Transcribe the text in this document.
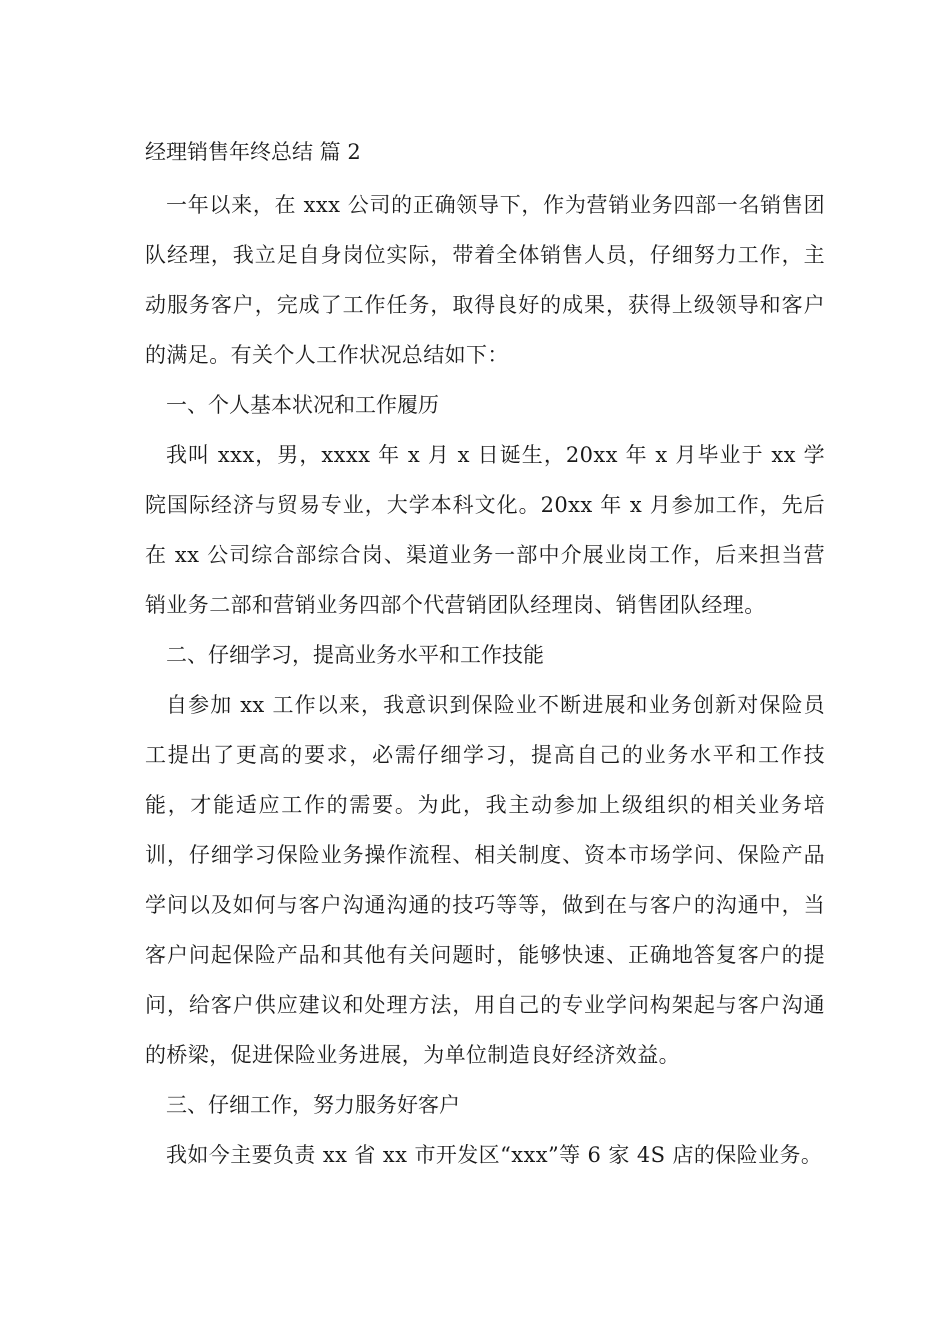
经理销售年终总结 篇 2

一年以来，在 xxx 公司的正确领导下，作为营销业务四部一名销售团队经理，我立足自身岗位实际，带着全体销售人员，仔细努力工作，主动服务客户，完成了工作任务，取得良好的成果，获得上级领导和客户的满足。有关个人工作状况总结如下：

一、个人基本状况和工作履历

我叫 xxx，男，xxxx 年 x 月 x 日诞生，20xx 年 x 月毕业于 xx 学院国际经济与贸易专业，大学本科文化。20xx 年 x 月参加工作，先后在 xx 公司综合部综合岗、渠道业务一部中介展业岗工作，后来担当营销业务二部和营销业务四部个代营销团队经理岗、销售团队经理。

二、仔细学习，提高业务水平和工作技能

自参加 xx 工作以来，我意识到保险业不断进展和业务创新对保险员工提出了更高的要求，必需仔细学习，提高自己的业务水平和工作技能，才能适应工作的需要。为此，我主动参加上级组织的相关业务培训，仔细学习保险业务操作流程、相关制度、资本市场学问、保险产品学问以及如何与客户沟通沟通的技巧等等，做到在与客户的沟通中，当客户问起保险产品和其他有关问题时，能够快速、正确地答复客户的提问，给客户供应建议和处理方法，用自己的专业学问构架起与客户沟通的桥梁，促进保险业务进展，为单位制造良好经济效益。

三、仔细工作，努力服务好客户

我如今主要负责 xx 省 xx 市开发区“xxx”等 6 家 4S 店的保险业务。
